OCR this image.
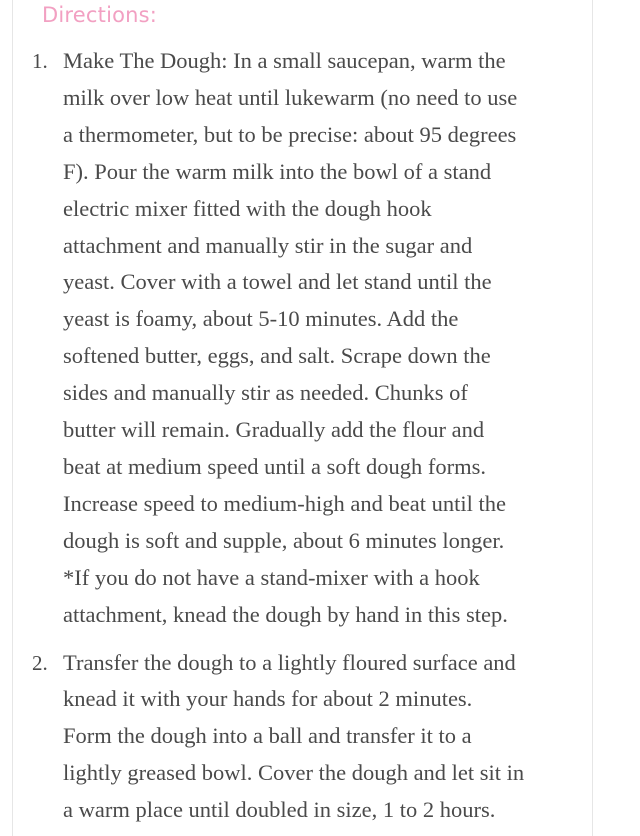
Directions:
1. Make The Dough: In a small saucepan, warm the
milk over low heat until lukewarm (no need to use
a thermometer, but to be precise: about 95 degrees
F). Pour the warm milk into the bowl of a stand
electric mixer fitted with the dough hook
attachment and manually stir in the sugar and
yeast. Cover with a towel and let stand until the
yeast is foamy, about 5-10 minutes. Add the
softened butter, eggs, and salt. Scrape down the
sides and manually stir as needed. Chunks of
butter will remain. Gradually add the flour and
beat at medium speed until a soft dough forms.
Increase speed to medium-high and beat until the
dough is soft and supple, about 6 minutes longer.
*If you do not have a stand-mixer with a hook
attachment, knead the dough by hand in this step.
2. Transfer the dough to a lightly floured surface and
knead it with your hands for about 2 minutes.
Form the dough into a ball and transfer it to a
lightly greased bowl. Cover the dough and let sit in
a warm place until doubled in size, 1 to 2 hours.
